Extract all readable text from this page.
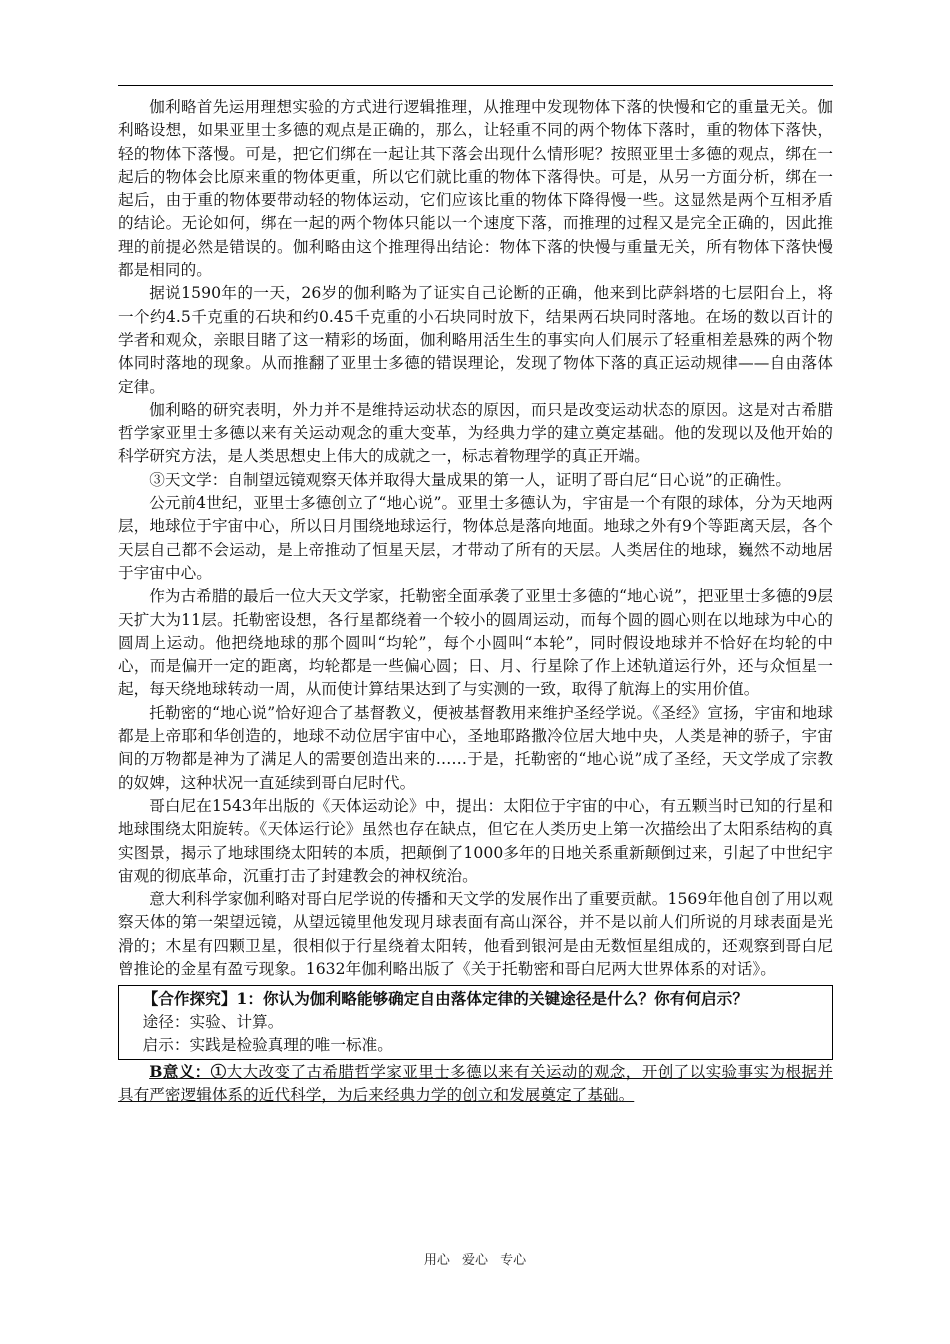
伽利略首先运用理想实验的方式进行逻辑推理，从推理中发现物体下落的快慢和它的重量无关。伽利略设想，如果亚里士多德的观点是正确的，那么，让轻重不同的两个物体下落时，重的物体下落快，轻的物体下落慢。可是，把它们绑在一起让其下落会出现什么情形呢？按照亚里士多德的观点，绑在一起后的物体会比原来重的物体更重，所以它们就比重的物体下落得快。可是，从另一方面分析，绑在一起后，由于重的物体要带动轻的物体运动，它们应该比重的物体下降得慢一些。这显然是两个互相矛盾的结论。无论如何，绑在一起的两个物体只能以一个速度下落，而推理的过程又是完全正确的，因此推理的前提必然是错误的。伽利略由这个推理得出结论：物体下落的快慢与重量无关，所有物体下落快慢都是相同的。

据说1590年的一天，26岁的伽利略为了证实自己论断的正确，他来到比萨斜塔的七层阳台上，将一个约4.5千克重的石块和约0.45千克重的小石块同时放下，结果两石块同时落地。在场的数以百计的学者和观众，亲眼目睹了这一精彩的场面，伽利略用活生生的事实向人们展示了轻重相差悬殊的两个物体同时落地的现象。从而推翻了亚里士多德的错误理论，发现了物体下落的真正运动规律——自由落体定律。

伽利略的研究表明，外力并不是维持运动状态的原因，而只是改变运动状态的原因。这是对古希腊哲学家亚里士多德以来有关运动观念的重大变革，为经典力学的建立奠定基础。他的发现以及他开始的科学研究方法，是人类思想史上伟大的成就之一，标志着物理学的真正开端。

③天文学：自制望远镜观察天体并取得大量成果的第一人，证明了哥白尼“日心说”的正确性。

公元前4世纪，亚里士多德创立了“地心说”。亚里士多德认为，宇宙是一个有限的球体，分为天地两层，地球位于宇宙中心，所以日月围绕地球运行，物体总是落向地面。地球之外有9个等距离天层，各个天层自己都不会运动，是上帝推动了恒星天层，才带动了所有的天层。人类居住的地球，巍然不动地居于宇宙中心。

作为古希腊的最后一位大天文学家，托勒密全面承袭了亚里士多德的“地心说”，把亚里士多德的9层天扩大为11层。托勒密设想，各行星都绕着一个较小的圆周运动，而每个圆的圆心则在以地球为中心的圆周上运动。他把绕地球的那个圆叫“均轮”，每个小圆叫“本轮”，同时假设地球并不恰好在均轮的中心，而是偏开一定的距离，均轮都是一些偏心圆；日、月、行星除了作上述轨道运行外，还与众恒星一起，每天绕地球转动一周，从而使计算结果达到了与实测的一致，取得了航海上的实用价值。

托勒密的“地心说”恰好迎合了基督教义，便被基督教用来维护圣经学说。《圣经》宣扬，宇宙和地球都是上帝耶和华创造的，地球不动位居宇宙中心，圣地耶路撒冷位居大地中央，人类是神的骄子，宇宙间的万物都是神为了满足人的需要创造出来的……于是，托勒密的“地心说”成了圣经，天文学成了宗教的奴婢，这种状况一直延续到哥白尼时代。

哥白尼在1543年出版的《天体运动论》中，提出：太阳位于宇宙的中心，有五颗当时已知的行星和地球围绕太阳旋转。《天体运行论》虽然也存在缺点，但它在人类历史上第一次描绘出了太阳系结构的真实图景，揭示了地球围绕太阳转的本质，把颠倒了1000多年的日地关系重新颠倒过来，引起了中世纪宇宙观的彻底革命，沉重打击了封建教会的神权统治。

意大利科学家伽利略对哥白尼学说的传播和天文学的发展作出了重要贡献。1569年他自创了用以观察天体的第一架望远镜，从望远镜里他发现月球表面有高山深谷，并不是以前人们所说的月球表面是光滑的；木星有四颗卫星，很相似于行星绕着太阳转，他看到银河是由无数恒星组成的，还观察到哥白尼曾推论的金星有盈亏现象。1632年伽利略出版了《关于托勒密和哥白尼两大世界体系的对话》。

【合作探究】1：你认为伽利略能够确定自由落体定律的关键途径是什么？你有何启示？

途径：实验、计算。

启示：实践是检验真理的唯一标准。

B意义：①大大改变了古希腊哲学家亚里士多德以来有关运动的观念，开创了以实验事实为根据并具有严密逻辑体系的近代科学，为后来经典力学的创立和发展奠定了基础。

用心 爱心 专心
